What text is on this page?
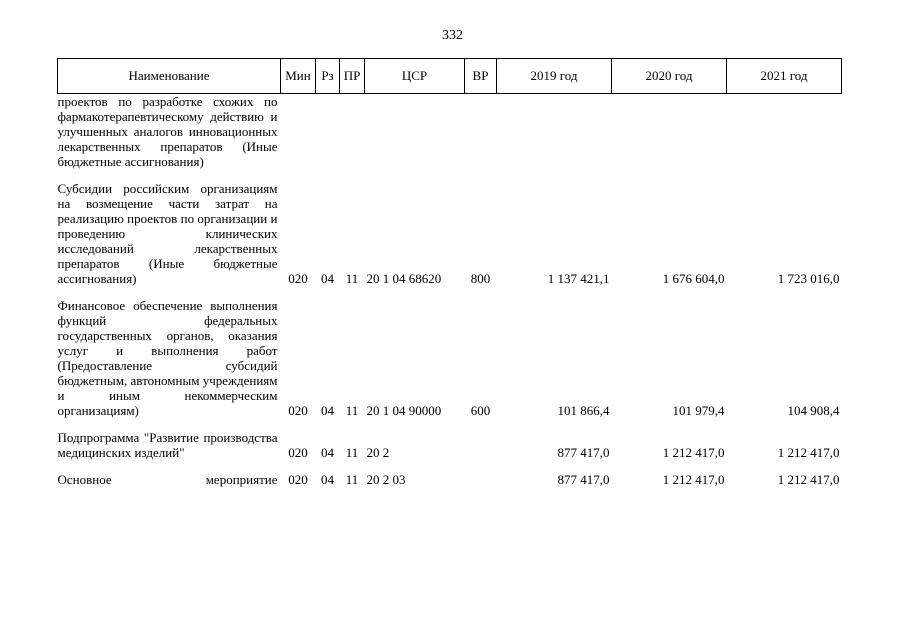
332
Наименование	Мин	Рз	ПР	ЦСР	ВР	2019 год	2020 год	2021 год
проектов по разработке схожих по фармакотерапевтическому действию и улучшенных аналогов инновационных лекарственных препаратов (Иные бюджетные ассигнования)								

Субсидии российским организациям на возмещение части затрат на реализацию проектов по организации и проведению клинических исследований лекарственных препаратов (Иные бюджетные ассигнования)	020	04	11	20 1 04 68620	800	1 137 421,1	1 676 604,0	1 723 016,0

Финансовое обеспечение выполнения функций федеральных государственных органов, оказания услуг и выполнения работ (Предоставление субсидий бюджетным, автономным учреждениям и иным некоммерческим организациям)	020	04	11	20 1 04 90000	600	101 866,4	101 979,4	104 908,4

Подпрограмма "Развитие производства медицинских изделий"	020	04	11	20 2		877 417,0	1 212 417,0	1 212 417,0

Основное мероприятие	020	04	11	20 2 03		877 417,0	1 212 417,0	1 212 417,0
